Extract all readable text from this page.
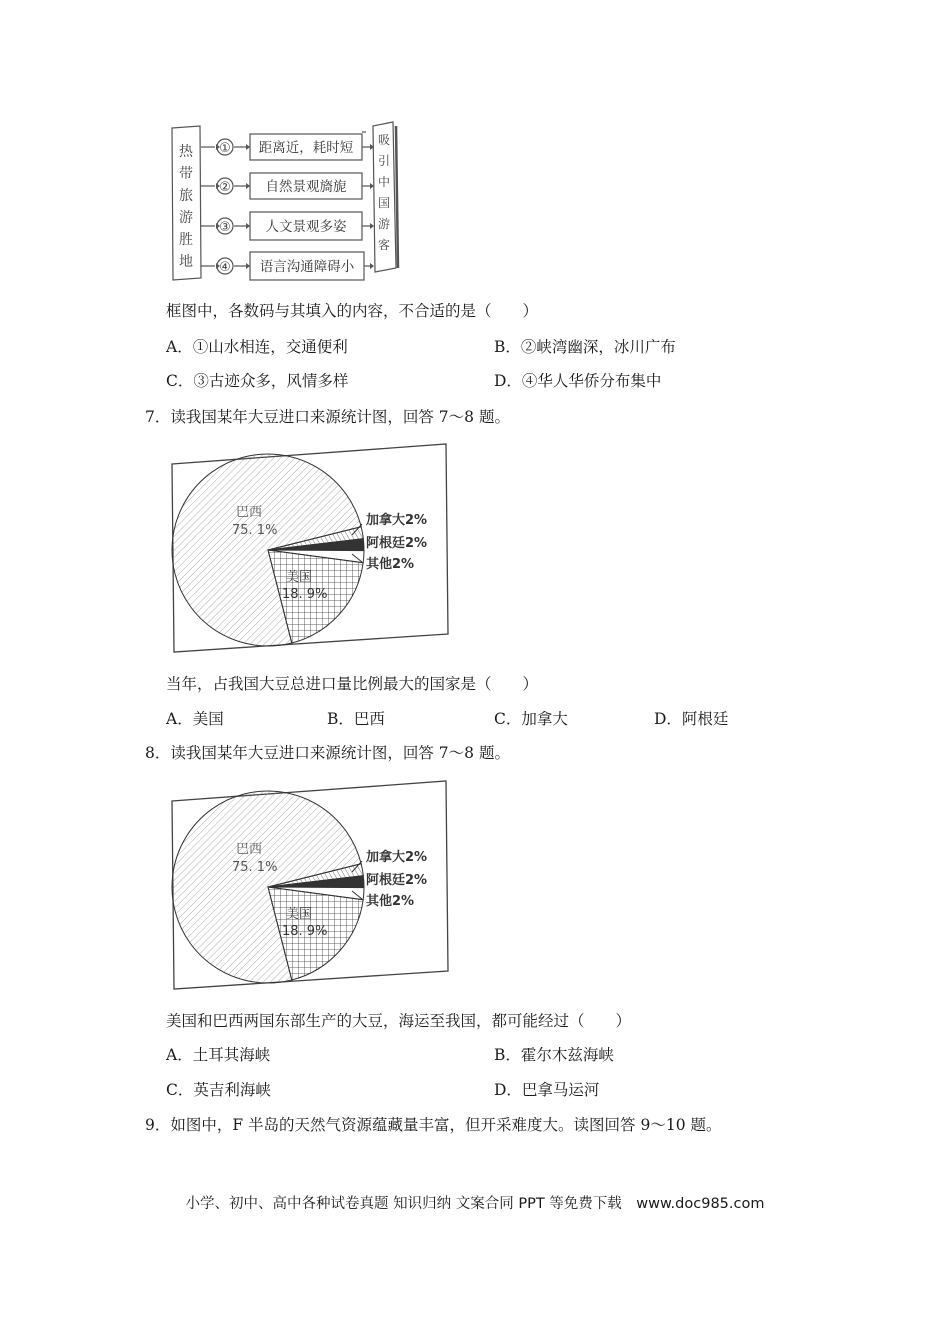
热
带
旅
游
胜
地
①
②
③
④
距离近，耗时短
自然景观旖旎
人文景观多姿
语言沟通障碍小
吸
引
中
国
游
客
框图中，各数码与其填入的内容，不合适的是（　　）
A．①山水相连，交通便利	B．②峡湾幽深，冰川广布
C．③古迹众多，风情多样	D．④华人华侨分布集中
7．读我国某年大豆进口来源统计图，回答 7～8 题。
巴西
75. 1%
美国
18. 9%
加拿大2%
阿根廷2%
其他2%
当年，占我国大豆总进口量比例最大的国家是（　　）
A．美国	B．巴西	C．加拿大	D．阿根廷
8．读我国某年大豆进口来源统计图，回答 7～8 题。
巴西
75. 1%
美国
18. 9%
加拿大2%
阿根廷2%
其他2%
美国和巴西两国东部生产的大豆，海运至我国，都可能经过（　　）
A．土耳其海峡	B．霍尔木兹海峡
C．英吉利海峡	D．巴拿马运河
9．如图中，F 半岛的天然气资源蕴藏量丰富，但开采难度大。读图回答 9～10 题。
小学、初中、高中各种试卷真题 知识归纳 文案合同 PPT 等免费下载　www.doc985.com
